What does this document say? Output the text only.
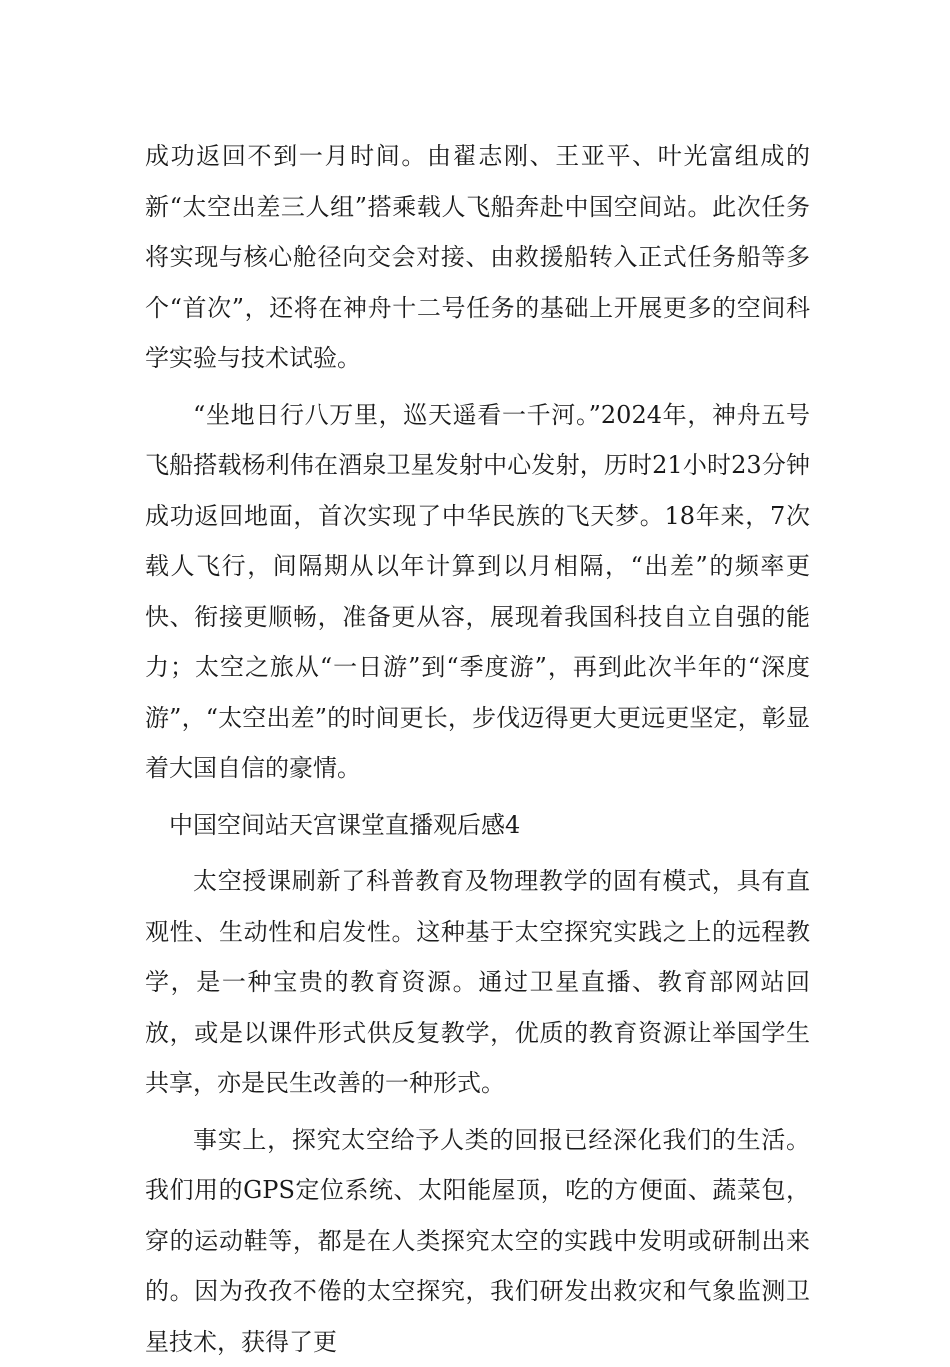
成功返回不到一月时间。由翟志刚、王亚平、叶光富组成的新“太空出差三人组”搭乘载人飞船奔赴中国空间站。此次任务将实现与核心舱径向交会对接、由救援船转入正式任务船等多个“首次”，还将在神舟十二号任务的基础上开展更多的空间科学实验与技术试验。

“坐地日行八万里，巡天遥看一千河。”2024年，神舟五号飞船搭载杨利伟在酒泉卫星发射中心发射，历时21小时23分钟成功返回地面，首次实现了中华民族的飞天梦。18年来，7次载人飞行，间隔期从以年计算到以月相隔，“出差”的频率更快、衔接更顺畅，准备更从容，展现着我国科技自立自强的能力；太空之旅从“一日游”到“季度游”，再到此次半年的“深度游”，“太空出差”的时间更长，步伐迈得更大更远更坚定，彰显着大国自信的豪情。

中国空间站天宫课堂直播观后感4

太空授课刷新了科普教育及物理教学的固有模式，具有直观性、生动性和启发性。这种基于太空探究实践之上的远程教学，是一种宝贵的教育资源。通过卫星直播、教育部网站回放，或是以课件形式供反复教学，优质的教育资源让举国学生共享，亦是民生改善的一种形式。

事实上，探究太空给予人类的回报已经深化我们的生活。我们用的GPS定位系统、太阳能屋顶，吃的方便面、蔬菜包，穿的运动鞋等，都是在人类探究太空的实践中发明或研制出来的。因为孜孜不倦的太空探究，我们研发出救灾和气象监测卫星技术，获得了更
